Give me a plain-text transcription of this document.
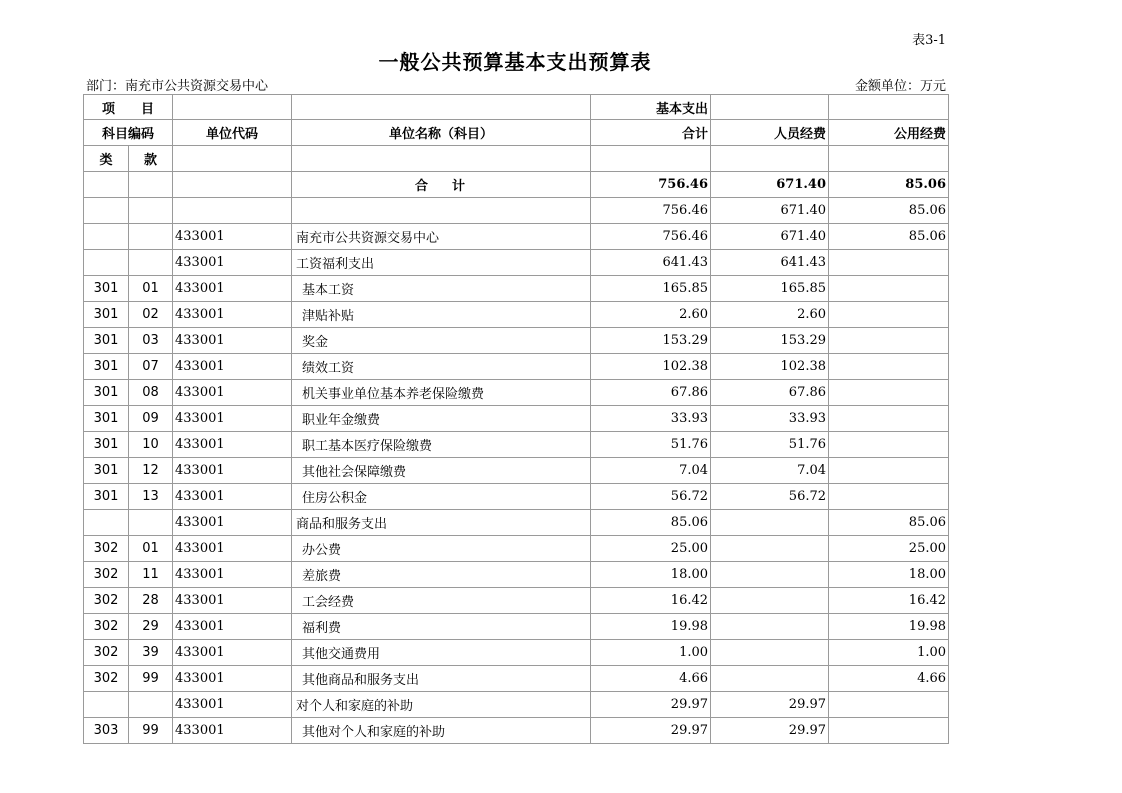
表3-1
一般公共预算基本支出预算表
部门：南充市公共资源交易中心	金额单位：万元
项　　目				基本支出		
科目编码		单位代码	单位名称（科目）	合计	人员经费	公用经费
类	款					
			合计	756.46	671.40	85.06
				756.46	671.40	85.06
		433001	南充市公共资源交易中心	756.46	671.40	85.06
		433001	工资福利支出	641.43	641.43	
301	01	433001	基本工资	165.85	165.85	
301	02	433001	津贴补贴	2.60	2.60	
301	03	433001	奖金	153.29	153.29	
301	07	433001	绩效工资	102.38	102.38	
301	08	433001	机关事业单位基本养老保险缴费	67.86	67.86	
301	09	433001	职业年金缴费	33.93	33.93	
301	10	433001	职工基本医疗保险缴费	51.76	51.76	
301	12	433001	其他社会保障缴费	7.04	7.04	
301	13	433001	住房公积金	56.72	56.72	
		433001	商品和服务支出	85.06		85.06
302	01	433001	办公费	25.00		25.00
302	11	433001	差旅费	18.00		18.00
302	28	433001	工会经费	16.42		16.42
302	29	433001	福利费	19.98		19.98
302	39	433001	其他交通费用	1.00		1.00
302	99	433001	其他商品和服务支出	4.66		4.66
		433001	对个人和家庭的补助	29.97	29.97	
303	99	433001	其他对个人和家庭的补助	29.97	29.97	
